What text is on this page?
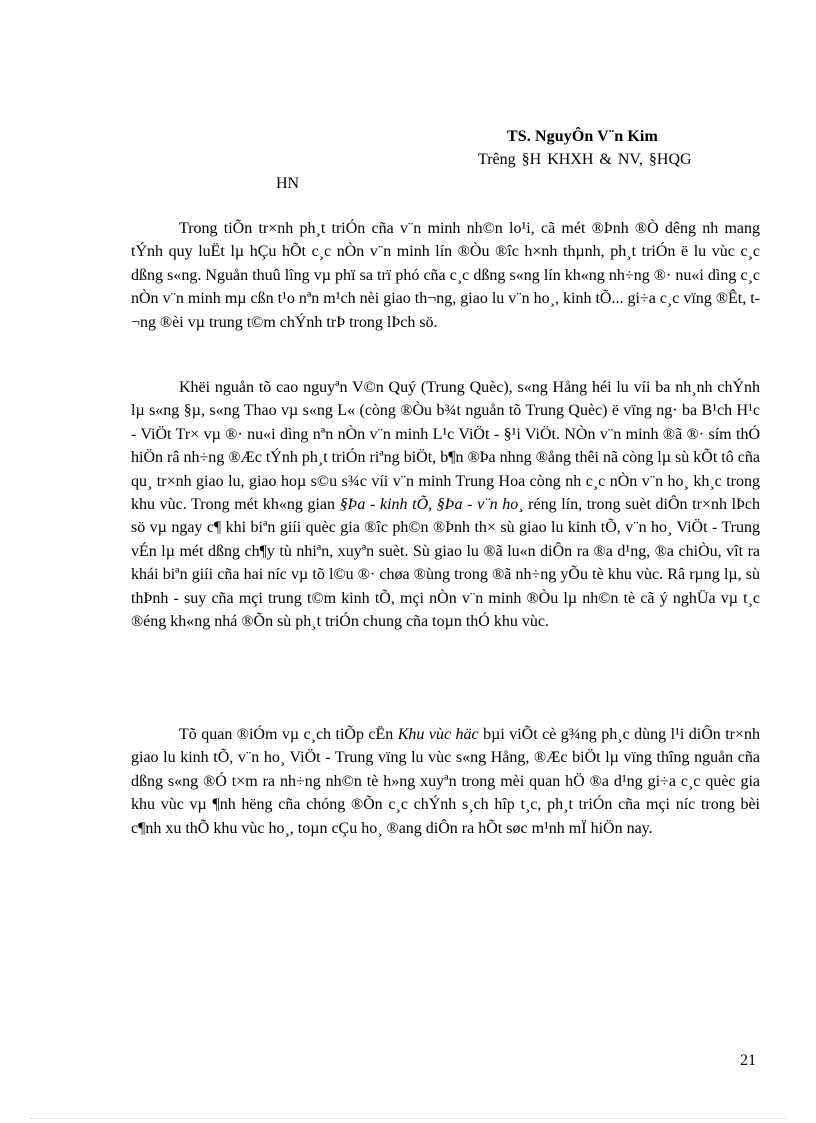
TS. NguyÔn V¨n Kim
Trêng §H KHXH & NV, §HQG
HN

Trong tiÕn tr×nh ph¸t triÓn cña v¨n minh nh©n lo¹i, cã mét ®Þnh ®Ò dêng nh mang tÝnh quy luËt lµ hÇu hÕt c¸c nÒn v¨n minh lín ®Òu ®îc h×nh thµnh, ph¸t triÓn ë lu vùc c¸c dßng s«ng. Nguån thuû lîng vµ phï sa trï phó cña c¸c dßng s«ng lín kh«ng nh÷ng ®· nu«i dìng c¸c nÒn v¨n minh mµ cßn t¹o nªn m¹ch nèi giao th¬ng, giao lu v¨n ho¸, kinh tÕ... gi÷a c¸c vïng ®Êt, t¬ng ®èi vµ trung t©m chÝnh trÞ trong lÞch sö.

Khëi nguån tõ cao nguyªn V©n Quý (Trung Quèc), s«ng Hång héi lu víi ba nh¸nh chÝnh lµ s«ng §µ, s«ng Thao vµ s«ng L« (còng ®Òu b¾t nguån tõ Trung Quèc) ë vïng ng· ba B¹ch H¹c - ViÖt Tr× vµ ®· nu«i dìng nªn nÒn v¨n minh L¹c ViÖt - §¹i ViÖt. NÒn v¨n minh ®ã ®· sím thÓ hiÖn râ nh÷ng ®Æc tÝnh ph¸t triÓn riªng biÖt, b¶n ®Þa nhng ®ång thêi nã còng lµ sù kÕt tô cña qu¸ tr×nh giao lu, giao hoµ s©u s¾c víi v¨n minh Trung Hoa còng nh c¸c nÒn v¨n ho¸ kh¸c trong khu vùc. Trong mét kh«ng gian §Þa - kinh tÕ, §Þa - v¨n ho¸ réng lín, trong suèt diÔn tr×nh lÞch sö vµ ngay c¶ khi biªn giíi quèc gia ®îc ph©n ®Þnh th× sù giao lu kinh tÕ, v¨n ho¸ ViÖt - Trung vÉn lµ mét dßng ch¶y tù nhiªn, xuyªn suèt. Sù giao lu ®ã lu«n diÔn ra ®a d¹ng, ®a chiÒu, vît ra khái biªn giíi cña hai níc vµ tõ l©u ®· chøa ®ùng trong ®ã nh÷ng yÕu tè khu vùc. Râ rµng lµ, sù thÞnh - suy cña mçi trung t©m kinh tÕ, mçi nÒn v¨n minh ®Òu lµ nh©n tè cã ý nghÜa vµ t¸c ®éng kh«ng nhá ®Õn sù ph¸t triÓn chung cña toµn thÓ khu vùc.

Tõ quan ®iÓm vµ c¸ch tiÕp cËn Khu vùc häc bµi viÕt cè g¾ng ph¸c dùng l¹i diÔn tr×nh giao lu kinh tÕ, v¨n ho¸ ViÖt - Trung vïng lu vùc s«ng Hång, ®Æc biÖt lµ vïng thîng nguån cña dßng s«ng ®Ó t×m ra nh÷ng nh©n tè h»ng xuyªn trong mèi quan hÖ ®a d¹ng gi÷a c¸c quèc gia khu vùc vµ ¶nh hëng cña chóng ®Õn c¸c chÝnh s¸ch hîp t¸c, ph¸t triÓn cña mçi níc trong bèi c¶nh xu thÕ khu vùc ho¸, toµn cÇu ho¸ ®ang diÔn ra hÕt søc m¹nh mÏ hiÖn nay.

21
